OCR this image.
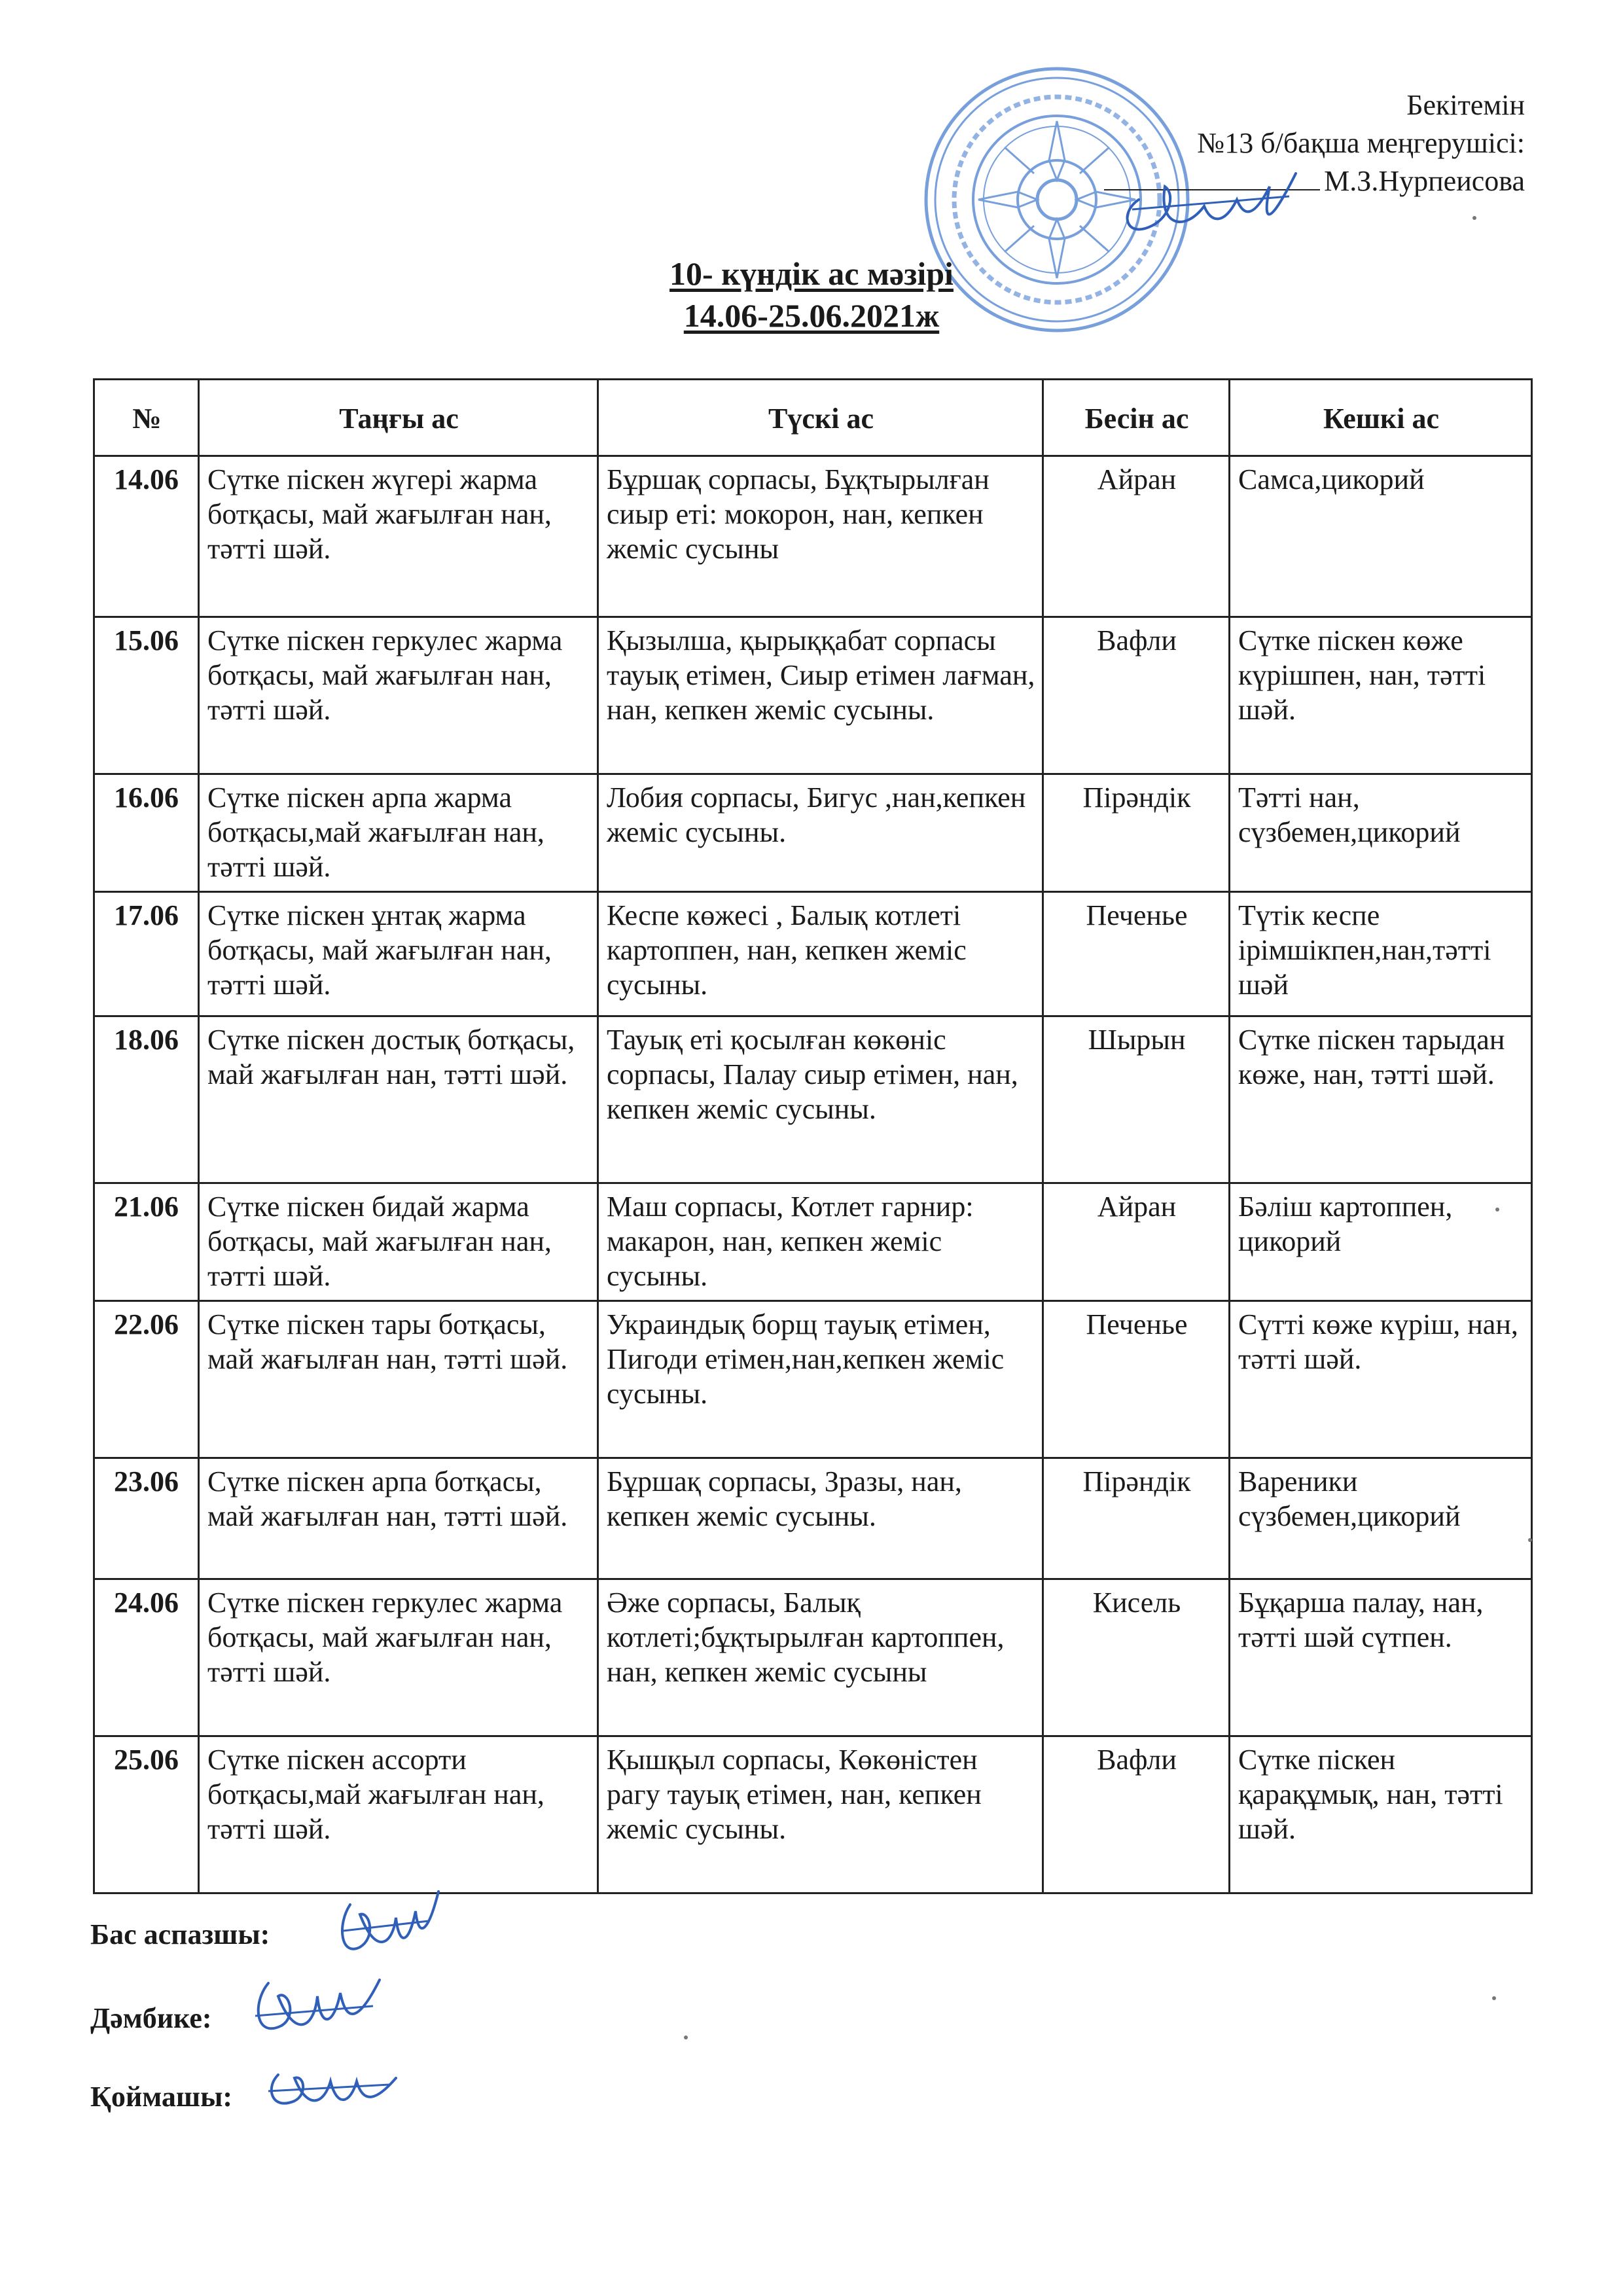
Бекітемін
№13 б/бақша меңгерушісі:
М.З.Нурпеисова
10- күндік ас мәзірі
14.06-25.06.2021ж
№	Таңғы ас	Түскі ас	Бесін ас	Кешкі ас
14.06	Сүтке піскен жүгері жарма ботқасы, май жағылған нан, тәтті шәй.	Бұршақ сорпасы, Бұқтырылған сиыр еті: мокорон, нан, кепкен жеміс сусыны	Айран	Самса,цикорий
15.06	Сүтке піскен геркулес жарма ботқасы, май жағылған нан, тәтті шәй.	Қызылша, қырыққабат сорпасы тауық етімен, Сиыр етімен лағман, нан, кепкен жеміс сусыны.	Вафли	Сүтке піскен көже күрішпен, нан, тәтті шәй.
16.06	Сүтке піскен арпа жарма ботқасы,май жағылған нан, тәтті шәй.	Лобия сорпасы, Бигус ,нан,кепкен жеміс сусыны.	Пірәндік	Тәтті нан, сүзбемен,цикорий
17.06	Сүтке піскен ұнтақ жарма ботқасы, май жағылған нан, тәтті шәй.	Кеспе көжесі , Балық котлеті картоппен, нан, кепкен жеміс сусыны.	Печенье	Түтік кеспе ірімшікпен,нан,тәтті шәй
18.06	Сүтке піскен достық ботқасы, май жағылған нан, тәтті шәй.	Тауық еті қосылған көкөніс сорпасы, Палау сиыр етімен, нан, кепкен жеміс сусыны.	Шырын	Сүтке піскен тарыдан көже, нан, тәтті шәй.
21.06	Сүтке піскен бидай жарма ботқасы, май жағылған нан, тәтті шәй.	Маш сорпасы, Котлет гарнир: макарон, нан, кепкен жеміс сусыны.	Айран	Бәліш картоппен, цикорий
22.06	Сүтке піскен тары ботқасы, май жағылған нан, тәтті шәй.	Украиндық борщ тауық етімен, Пигоди етімен,нан,кепкен жеміс сусыны.	Печенье	Сүтті көже күріш, нан, тәтті шәй.
23.06	Сүтке піскен арпа ботқасы, май жағылған нан, тәтті шәй.	Бұршақ сорпасы, Зразы, нан, кепкен жеміс сусыны.	Пірәндік	Вареники сүзбемен,цикорий
24.06	Сүтке піскен геркулес жарма ботқасы, май жағылған нан, тәтті шәй.	Әже сорпасы, Балық котлеті;бұқтырылған картоппен, нан, кепкен жеміс сусыны	Кисель	Бұқарша палау, нан, тәтті шәй сүтпен.
25.06	Сүтке піскен ассорти ботқасы,май жағылған нан, тәтті шәй.	Қышқыл сорпасы, Көкөністен рагу тауық етімен, нан, кепкен жеміс сусыны.	Вафли	Сүтке піскен қарақұмық, нан, тәтті шәй.
Бас аспазшы:
Дәмбике:
Қоймашы:
